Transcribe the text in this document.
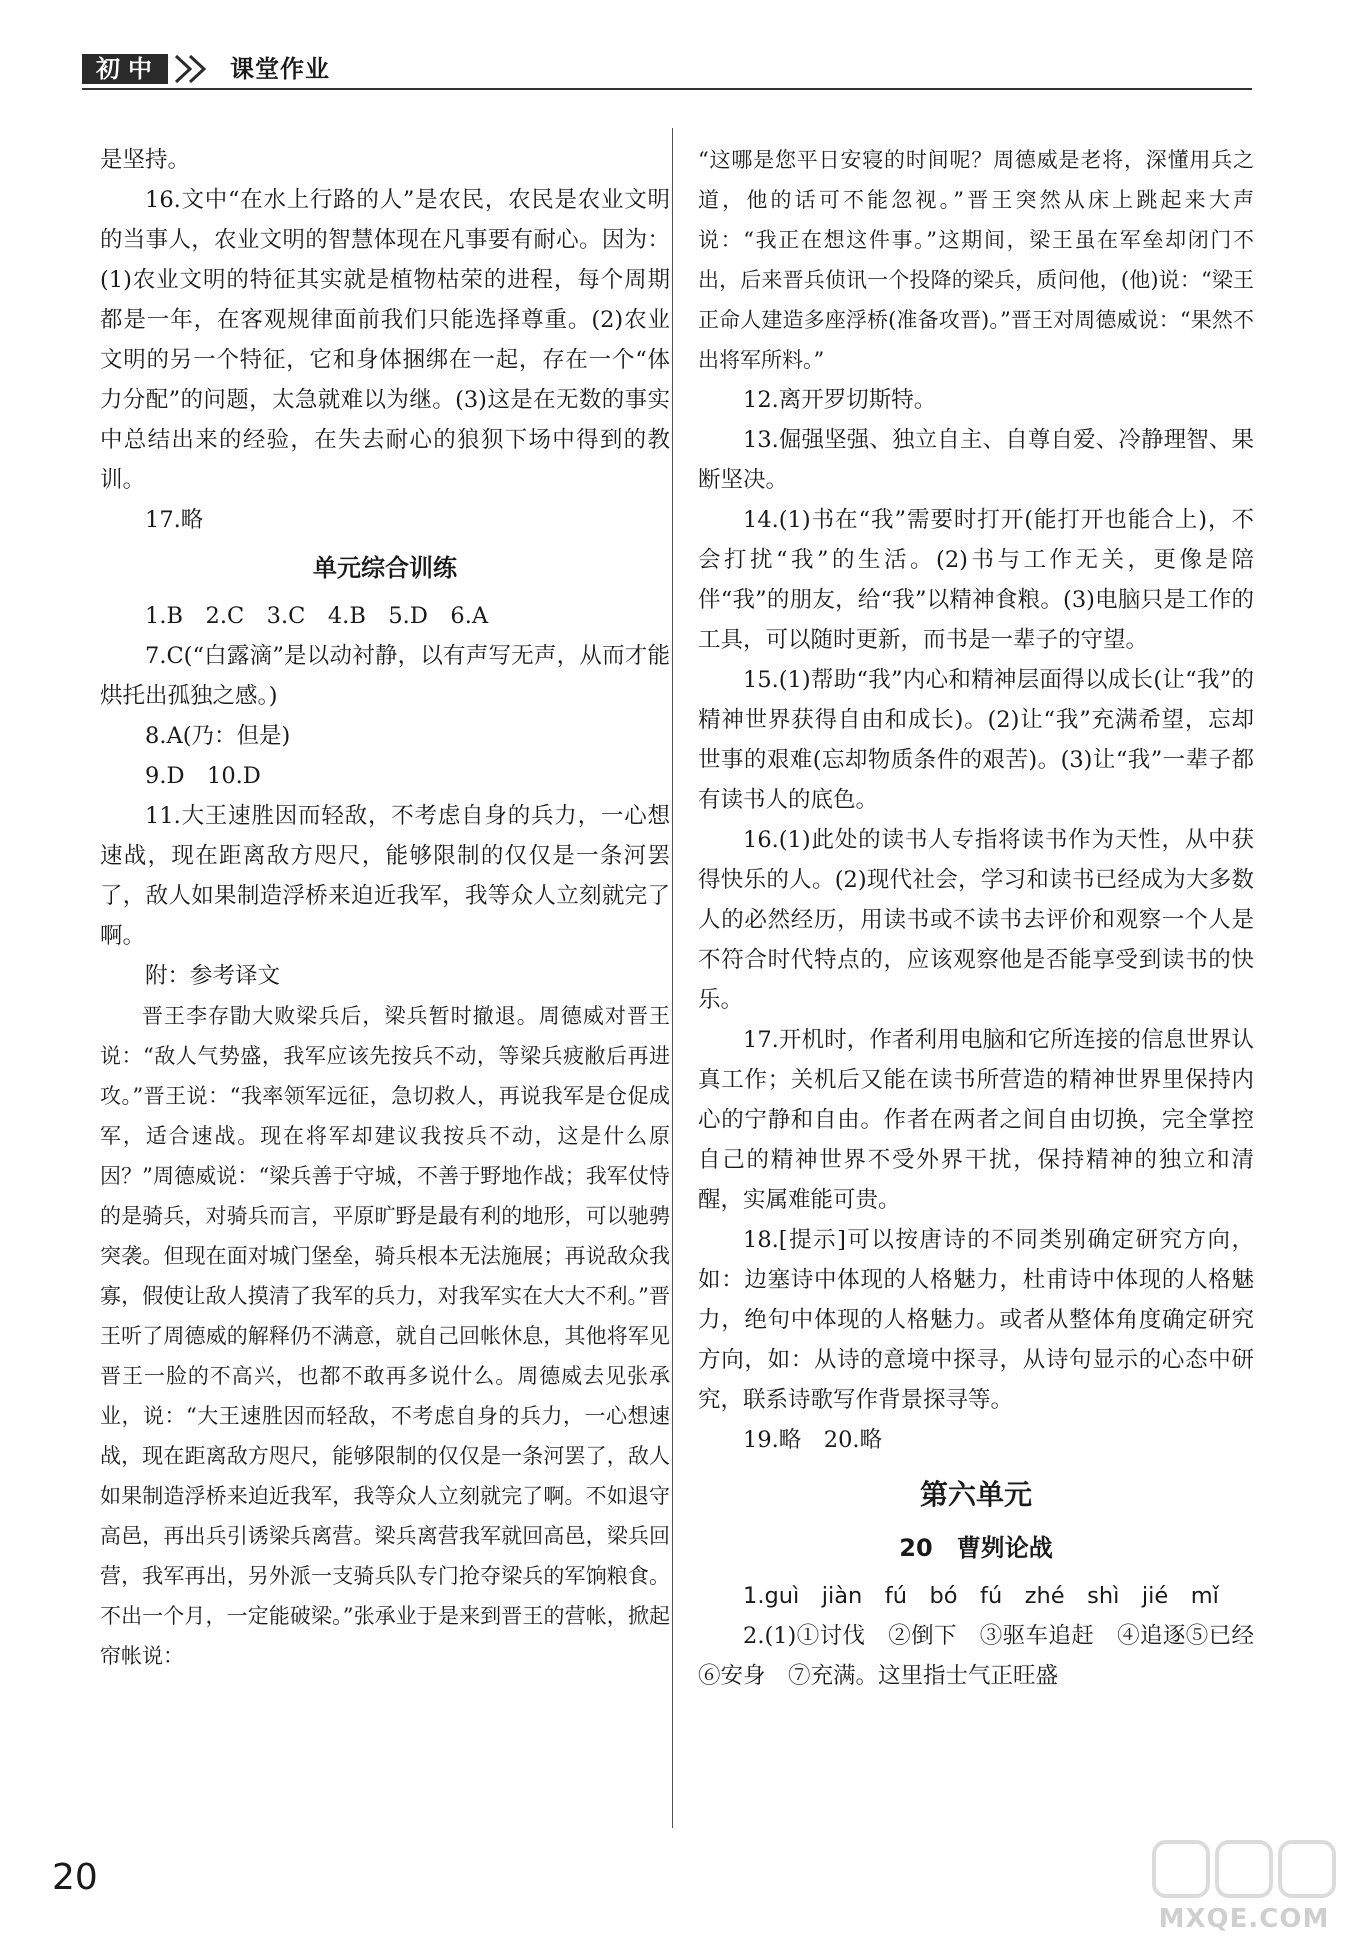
初中	课堂作业

是坚持。

16.文中“在水上行路的人”是农民，农民是农业文明的当事人，农业文明的智慧体现在凡事要有耐心。因为：(1)农业文明的特征其实就是植物枯荣的进程，每个周期都是一年，在客观规律面前我们只能选择尊重。(2)农业文明的另一个特征，它和身体捆绑在一起，存在一个“体力分配”的问题，太急就难以为继。(3)这是在无数的事实中总结出来的经验，在失去耐心的狼狈下场中得到的教训。

17.略

单元综合训练

1.B　2.C　3.C　4.B　5.D　6.A

7.C(“白露滴”是以动衬静，以有声写无声，从而才能烘托出孤独之感。)

8.A(乃：但是)

9.D　10.D

11.大王速胜因而轻敌，不考虑自身的兵力，一心想速战，现在距离敌方咫尺，能够限制的仅仅是一条河罢了，敌人如果制造浮桥来迫近我军，我等众人立刻就完了啊。

附：参考译文

晋王李存勖大败梁兵后，梁兵暂时撤退。周德威对晋王说：“敌人气势盛，我军应该先按兵不动，等梁兵疲敝后再进攻。”晋王说：“我率领军远征，急切救人，再说我军是仓促成军，适合速战。现在将军却建议我按兵不动，这是什么原因？”周德威说：“梁兵善于守城，不善于野地作战；我军仗恃的是骑兵，对骑兵而言，平原旷野是最有利的地形，可以驰骋突袭。但现在面对城门堡垒，骑兵根本无法施展；再说敌众我寡，假使让敌人摸清了我军的兵力，对我军实在大大不利。”晋王听了周德威的解释仍不满意，就自己回帐休息，其他将军见晋王一脸的不高兴，也都不敢再多说什么。周德威去见张承业，说：“大王速胜因而轻敌，不考虑自身的兵力，一心想速战，现在距离敌方咫尺，能够限制的仅仅是一条河罢了，敌人如果制造浮桥来迫近我军，我等众人立刻就完了啊。不如退守高邑，再出兵引诱梁兵离营。梁兵离营我军就回高邑，梁兵回营，我军再出，另外派一支骑兵队专门抢夺梁兵的军饷粮食。不出一个月，一定能破梁。”张承业于是来到晋王的营帐，掀起帘帐说：

“这哪是您平日安寝的时间呢？周德威是老将，深懂用兵之道，他的话可不能忽视。”晋王突然从床上跳起来大声说：“我正在想这件事。”这期间，梁王虽在军垒却闭门不出，后来晋兵侦讯一个投降的梁兵，质问他，(他)说：“梁王正命人建造多座浮桥(准备攻晋)。”晋王对周德威说：“果然不出将军所料。”

12.离开罗切斯特。

13.倔强坚强、独立自主、自尊自爱、冷静理智、果断坚决。

14.(1)书在“我”需要时打开(能打开也能合上)，不会打扰“我”的生活。(2)书与工作无关，更像是陪伴“我”的朋友，给“我”以精神食粮。(3)电脑只是工作的工具，可以随时更新，而书是一辈子的守望。

15.(1)帮助“我”内心和精神层面得以成长(让“我”的精神世界获得自由和成长)。(2)让“我”充满希望，忘却世事的艰难(忘却物质条件的艰苦)。(3)让“我”一辈子都有读书人的底色。

16.(1)此处的读书人专指将读书作为天性，从中获得快乐的人。(2)现代社会，学习和读书已经成为大多数人的必然经历，用读书或不读书去评价和观察一个人是不符合时代特点的，应该观察他是否能享受到读书的快乐。

17.开机时，作者利用电脑和它所连接的信息世界认真工作；关机后又能在读书所营造的精神世界里保持内心的宁静和自由。作者在两者之间自由切换，完全掌控自己的精神世界不受外界干扰，保持精神的独立和清醒，实属难能可贵。

18.[提示]可以按唐诗的不同类别确定研究方向，如：边塞诗中体现的人格魅力，杜甫诗中体现的人格魅力，绝句中体现的人格魅力。或者从整体角度确定研究方向，如：从诗的意境中探寻，从诗句显示的心态中研究，联系诗歌写作背景探寻等。

19.略　20.略

第六单元
20　曹刿论战

1.guì　jiàn　fú　bó　fú　zhé　shì　jié　mǐ

2.(1)①讨伐　②倒下　③驱车追赶　④追逐⑤已经　⑥安身　⑦充满。这里指士气正旺盛

20
MXQE.COM
